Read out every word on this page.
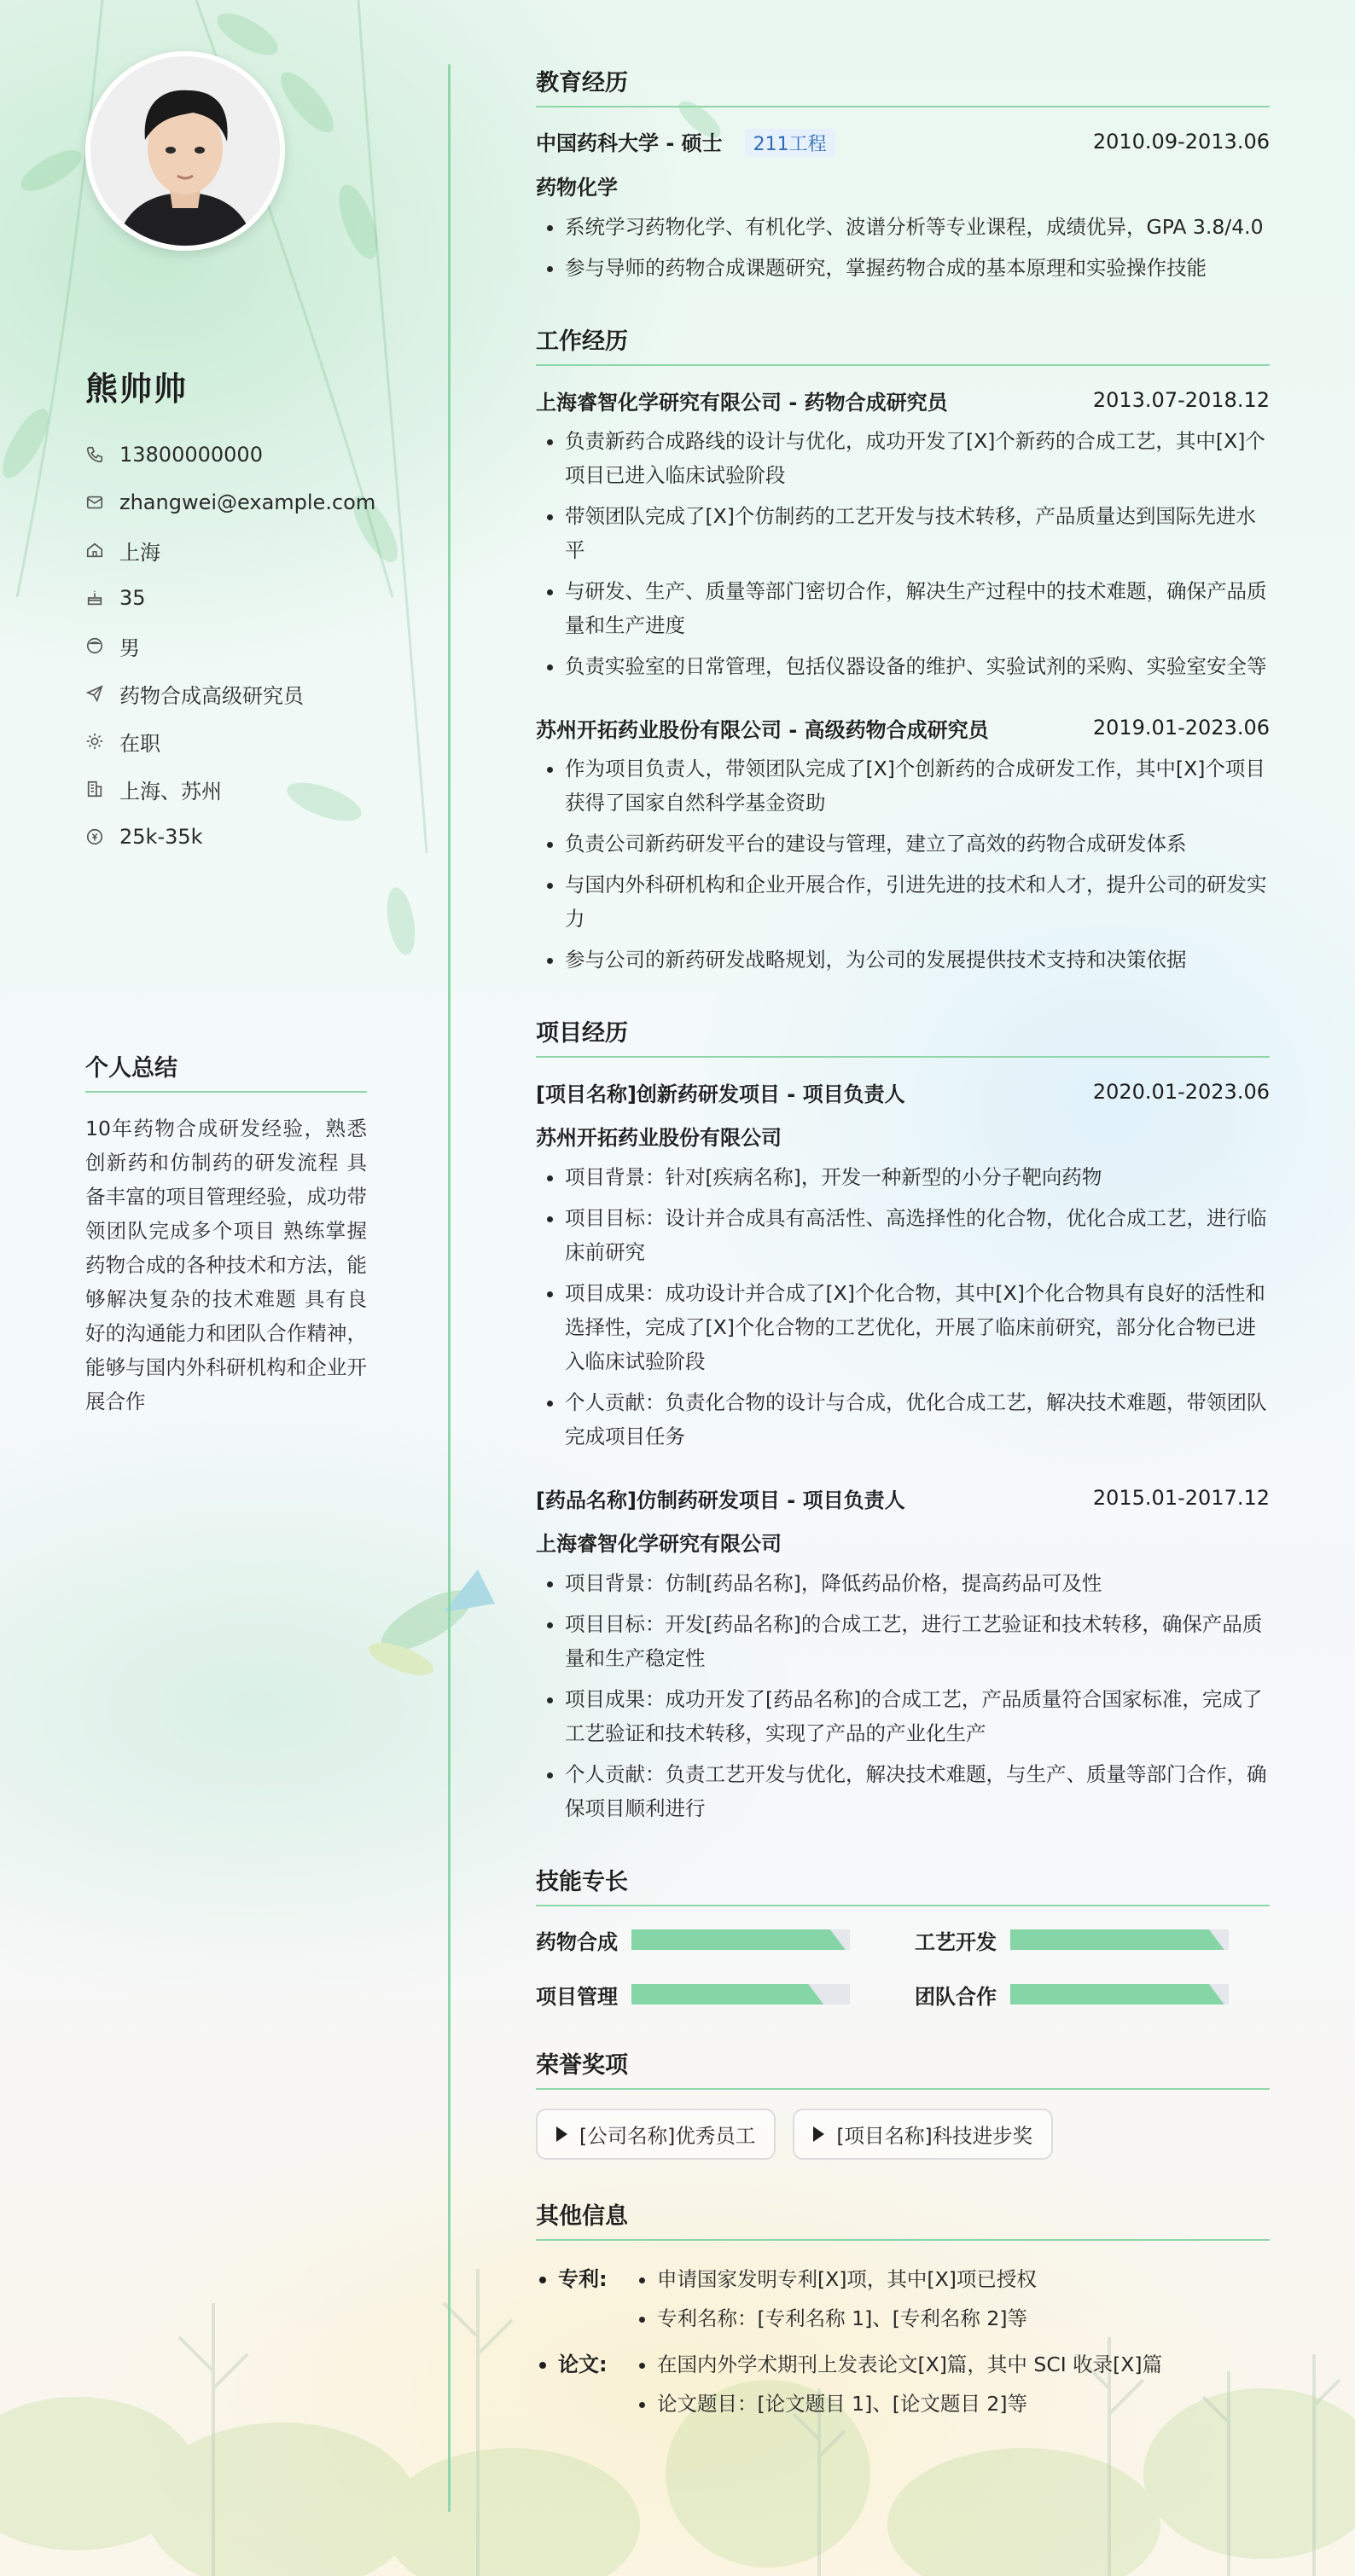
熊帅帅
13800000000
zhangwei@example.com
上海
35
男
药物合成高级研究员
在职
上海、苏州
25k-35k
个人总结
10年药物合成研发经验，熟悉创新药和仿制药的研发流程 具备丰富的项目管理经验，成功带领团队完成多个项目 熟练掌握药物合成的各种技术和方法，能够解决复杂的技术难题 具有良好的沟通能力和团队合作精神，能够与国内外科研机构和企业开展合作
教育经历
中国药科大学 - 硕士 211工程	2010.09-2013.06
药物化学
• 系统学习药物化学、有机化学、波谱分析等专业课程，成绩优异，GPA 3.8/4.0
• 参与导师的药物合成课题研究，掌握药物合成的基本原理和实验操作技能
工作经历
上海睿智化学研究有限公司 - 药物合成研究员	2013.07-2018.12
• 负责新药合成路线的设计与优化，成功开发了[X]个新药的合成工艺，其中[X]个项目已进入临床试验阶段
• 带领团队完成了[X]个仿制药的工艺开发与技术转移，产品质量达到国际先进水平
• 与研发、生产、质量等部门密切合作，解决生产过程中的技术难题，确保产品质量和生产进度
• 负责实验室的日常管理，包括仪器设备的维护、实验试剂的采购、实验室安全等
苏州开拓药业股份有限公司 - 高级药物合成研究员	2019.01-2023.06
• 作为项目负责人，带领团队完成了[X]个创新药的合成研发工作，其中[X]个项目获得了国家自然科学基金资助
• 负责公司新药研发平台的建设与管理，建立了高效的药物合成研发体系
• 与国内外科研机构和企业开展合作，引进先进的技术和人才，提升公司的研发实力
• 参与公司的新药研发战略规划，为公司的发展提供技术支持和决策依据
项目经历
[项目名称]创新药研发项目 - 项目负责人	2020.01-2023.06
苏州开拓药业股份有限公司
• 项目背景：针对[疾病名称]，开发一种新型的小分子靶向药物
• 项目目标：设计并合成具有高活性、高选择性的化合物，优化合成工艺，进行临床前研究
• 项目成果：成功设计并合成了[X]个化合物，其中[X]个化合物具有良好的活性和选择性，完成了[X]个化合物的工艺优化，开展了临床前研究，部分化合物已进入临床试验阶段
• 个人贡献：负责化合物的设计与合成，优化合成工艺，解决技术难题，带领团队完成项目任务
[药品名称]仿制药研发项目 - 项目负责人	2015.01-2017.12
上海睿智化学研究有限公司
• 项目背景：仿制[药品名称]，降低药品价格，提高药品可及性
• 项目目标：开发[药品名称]的合成工艺，进行工艺验证和技术转移，确保产品质量和生产稳定性
• 项目成果：成功开发了[药品名称]的合成工艺，产品质量符合国家标准，完成了工艺验证和技术转移，实现了产品的产业化生产
• 个人贡献：负责工艺开发与优化，解决技术难题，与生产、质量等部门合作，确保项目顺利进行
技能专长
药物合成	工艺开发
项目管理	团队合作
荣誉奖项
[公司名称]优秀员工	[项目名称]科技进步奖
其他信息
专利:	• 申请国家发明专利[X]项，其中[X]项已授权
• 专利名称：[专利名称 1]、[专利名称 2]等
论文:	• 在国内外学术期刊上发表论文[X]篇，其中 SCI 收录[X]篇
• 论文题目：[论文题目 1]、[论文题目 2]等
